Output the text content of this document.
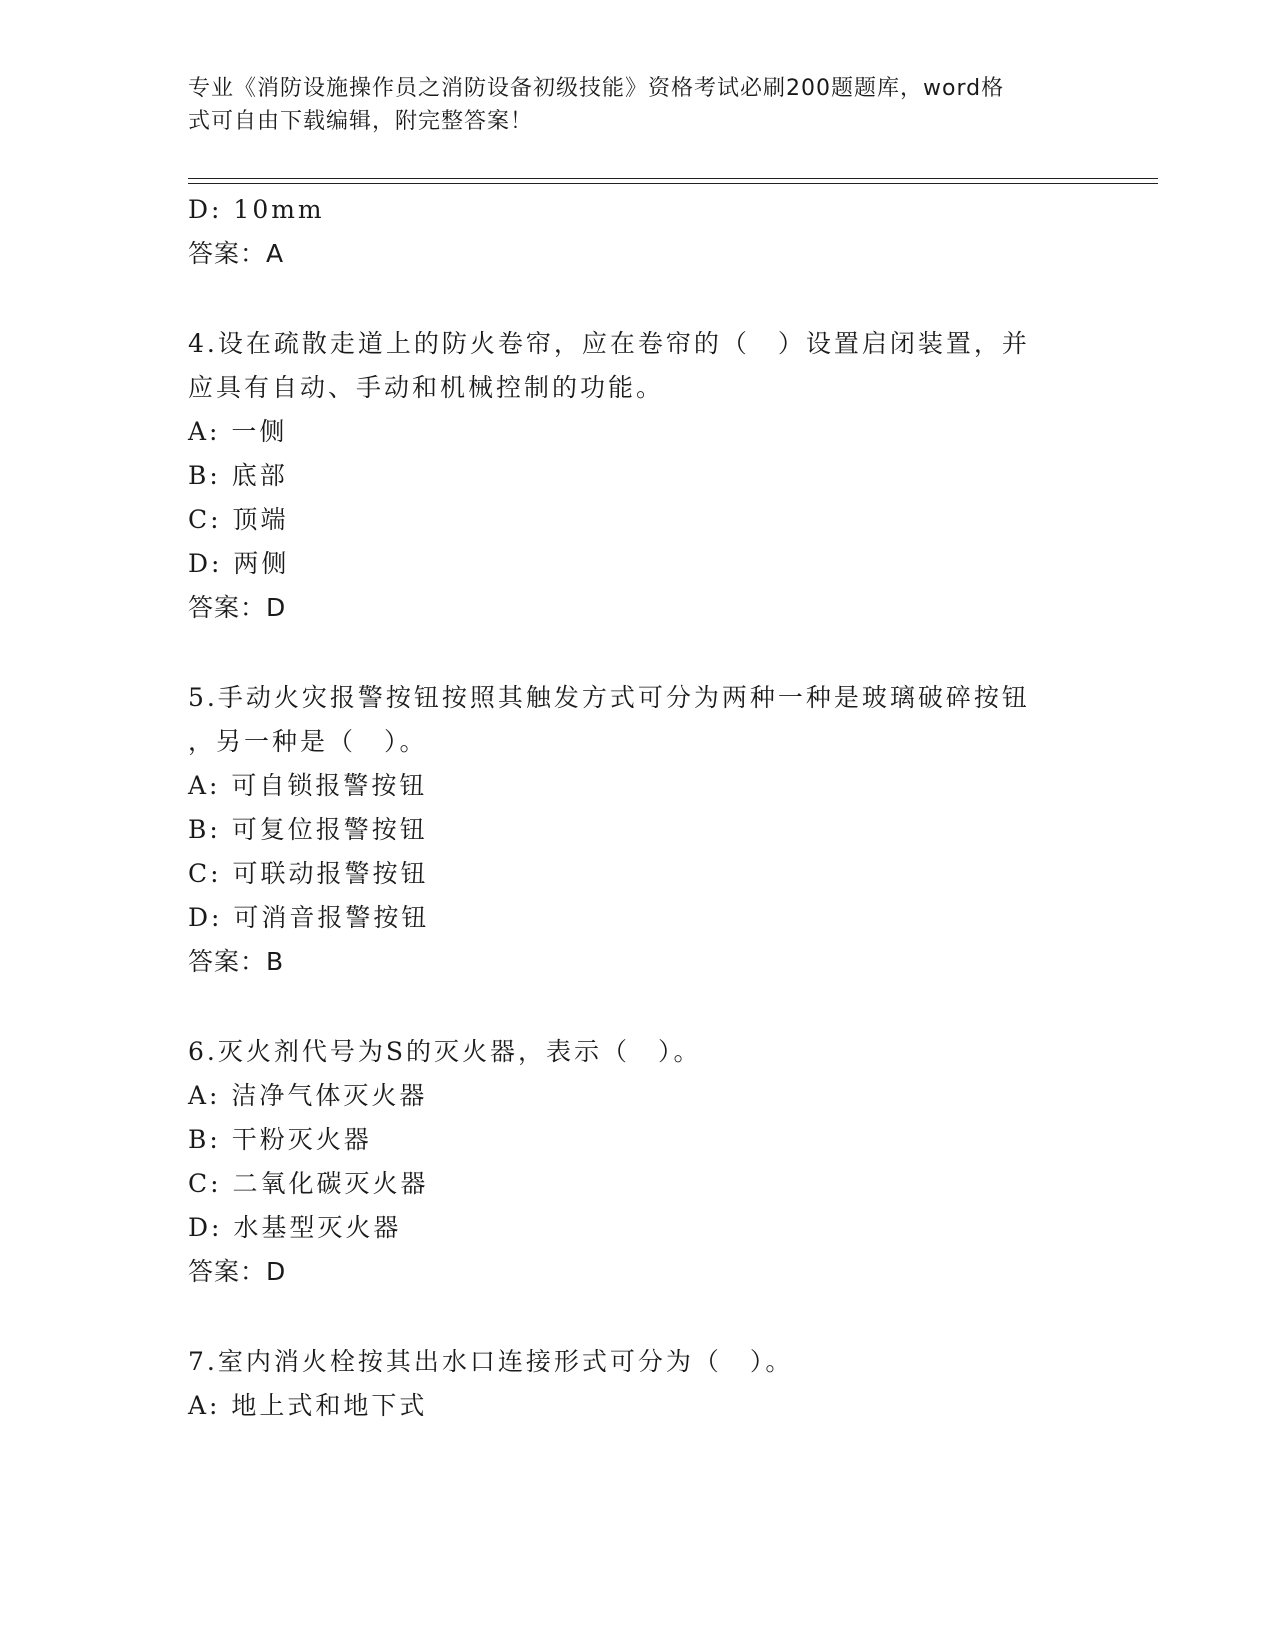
专业《消防设施操作员之消防设备初级技能》资格考试必刷200题题库，word格
式可自由下载编辑，附完整答案！
D: 10mm
答案：A
4.设在疏散走道上的防火卷帘，应在卷帘的（　）设置启闭装置，并
应具有自动、手动和机械控制的功能。
A: 一侧
B: 底部
C: 顶端
D: 两侧
答案：D
5.手动火灾报警按钮按照其触发方式可分为两种一种是玻璃破碎按钮
，另一种是（　）。
A: 可自锁报警按钮
B: 可复位报警按钮
C: 可联动报警按钮
D: 可消音报警按钮
答案：B
6.灭火剂代号为S的灭火器，表示（　）。
A: 洁净气体灭火器
B: 干粉灭火器
C: 二氧化碳灭火器
D: 水基型灭火器
答案：D
7.室内消火栓按其出水口连接形式可分为（　）。
A: 地上式和地下式
